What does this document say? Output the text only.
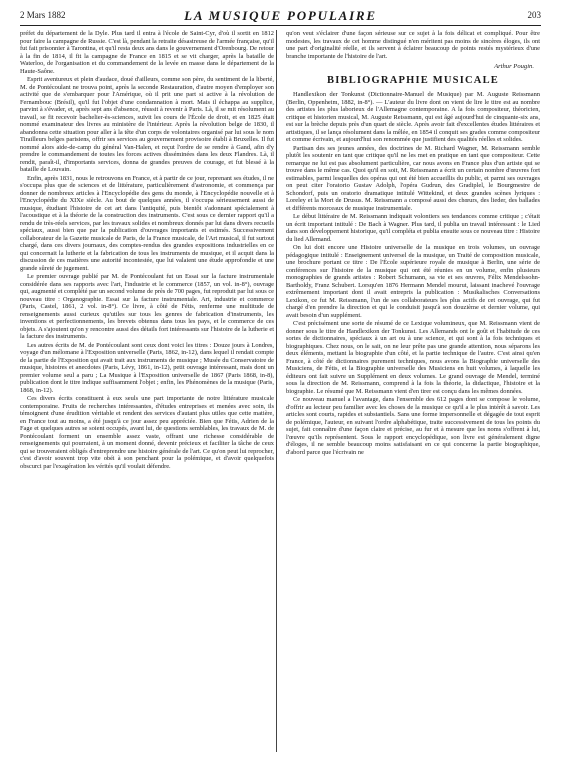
2 Mars 1882	LA MUSIQUE POPULAIRE	203

préfet du département de la Dyle. Plus tard il entra à l'école de Saint-Cyr, d'où il sortit en 1812 pour faire la campagne de Russie. C'est là, pendant la retraite désastreuse de l'armée française, qu'il fut fait prisonnier à Tarontina, et qu'il resta deux ans dans le gouvernement d'Orenbourg. De retour à la fin de 1814, il fit la campagne de France en 1815 et se vit charger, après la bataille de Waterloo, de l'organisation et du commandement de la levée en masse dans le département de la Haute-Saône.

Esprit aventureux et plein d'audace, doué d'ailleurs, comme son père, du sentiment de la liberté, M. de Pontécoulant ne trouva point, après la seconde Restauration, d'autre moyen d'employer son activité que de s'embarquer pour l'Amérique, où il prit une part si active à la révolution de Fernambouc (Brésil), qu'il fut l'objet d'une condamnation à mort. Mais il échappa au supplice, parvint à s'évader, et, après sept ans d'absence, réussit à revenir à Paris. Là, il se mit résolument au travail, se fit recevoir bachelier-ès-sciences, suivit les cours de l'École de droit, et en 1825 était nommé examinateur des livres au ministère de l'intérieur. Après la révolution belge de 1830, il abandonna cette situation pour aller à la tête d'un corps de volontaires organisé par lui sous le nom Tirailleurs belges parisiens, offrir ses services au gouvernement provisoire établi à Bruxelles. Il fut nommé alors aide-de-camp du général Van-Halen, et reçut l'ordre de se rendre à Gand, afin d'y prendre le commandement de toutes les forces actives disséminées dans les deux Flandres. Là, il rendit, paraît-il, d'importants services, donna de grandes preuves de courage, et fut blessé à la bataille de Louvain.

Enfin, après 1831, nous le retrouvons en France, et à partir de ce jour, reprenant ses études, il ne s'occupa plus que de sciences et de littérature, particulièrement d'astronomie, et commença par donner de nombreux articles à l'Encyclopédie des gens du monde, à l'Encyclopédie nouvelle et à l'Encyclopédie du XIXe siècle. Au bout de quelques années, il s'occupa sérieusement aussi de musique, étudiant l'histoire de cet art dans l'antiquité, puis bientôt s'adonnant spécialement à l'acoustique et à la théorie de la construction des instruments. C'est sous ce dernier rapport qu'il a rendu de très-réels services, par les travaux solides et nombreux donnés par lui dans divers recueils spéciaux, aussi bien que par la publication d'ouvrages importants et estimés. Successivement collaborateur de la Gazette musicale de Paris, de la France musicale, de l'Art musical, il fut surtout chargé, dans ces divers journaux, des comptes-rendus des grandes expositions industrielles en ce qui concernait la lutherie et la fabrication de tous les instruments de musique, et il acquit dans la discussion de ces matières une autorité incontestée, que lui valaient une étude approfondie et une grande sûreté de jugement.

Le premier ouvrage publié par M. de Pontécoulant fut un Essai sur la facture instrumentale considérée dans ses rapports avec l'art, l'industrie et le commerce (1857, un vol. in-8°), ouvrage qui, augmenté et complété par un second volume de près de 700 pages, fut reproduit par lui sous ce nouveau titre : Organographie. Essai sur la facture instrumentale. Art, industrie et commerce (Paris, Castel, 1861, 2 vol. in-8°). Ce livre, à côté de Fétis, renferme une multitude de renseignements aussi curieux qu'utiles sur tous les genres de fabrication d'instruments, les inventions et perfectionnements, les brevets obtenus dans tous les pays, et le commerce de ces objets. A s'ajoutent qu'on y rencontre aussi des détails fort intéressants sur l'histoire de la lutherie et la facture des instruments.

Les autres écrits de M. de Pontécoulant sont ceux dont voici les titres : Douze jours à Londres, voyage d'un mélomane à l'Exposition universelle (Paris, 1862, in-12), dans lequel il rendait compte de la partie de l'Exposition qui avait trait aux instruments de musique ; Musée du Conservatoire de musique, histoires et anecdotes (Paris, Lévy, 1861, in-12), petit ouvrage intéressant, mais dont un premier volume seul a paru ; La Musique à l'Exposition universelle de 1867 (Paris 1868, in-8), publication dont le titre indique suffisamment l'objet ; enfin, les Phénomènes de la musique (Paris, 1868, in-12).

Ces divers écrits constituent à eux seuls une part importante de notre littérature musicale contemporaine. Fruits de recherches intéressantes, d'études entreprises et menées avec soin, ils témoignent d'une érudition véritable et rendent des services d'autant plus utiles que cette matière, en France tout au moins, a été jusqu'à ce jour assez peu appréciée. Bien que Fétis, Adrien de la Fage et quelques autres se soient occupés, avant lui, de questions semblables, les travaux de M. de Pontécoulant forment un ensemble assez vaste, offrant une richesse considérable de renseignements qui pourraient, à un moment donné, devenir précieux et faciliter la tâche de ceux qui se trouveraient obligés d'entreprendre une histoire générale de l'art. Ce qu'on peut lui reprocher, c'est d'avoir souvent trop vite obéi à son penchant pour la polémique, et d'avoir quelquefois obscurci par l'exagération les vérités qu'il voulait défendre.

qu'on veut s'éclairer d'une façon sérieuse sur ce sujet à la fois délicat et compliqué. Pour être modestes, les travaux de cet homme distingué n'en méritent pas moins de sincères éloges, ils ont une part d'originalité réelle, et ils servent à éclairer beaucoup de points restés mystérieux d'une branche importante de l'histoire de l'art.

Arthur Pougin.
BIBLIOGRAPHIE MUSICALE

Handlexikon der Tonkunst (Dictionnaire-Manuel de Musique) par M. Auguste Reissmann (Berlin, Oppenheim, 1882, in-8°). — L'auteur du livre dont on vient de lire le titre est au nombre des artistes les plus laborieux de l'Allemagne contemporaine. A la fois compositeur, théoricien, critique et historien musical, M. Auguste Reissmann, qui est âgé aujourd'hui de cinquante-six ans, est sur la brèche depuis près d'un quart de siècle. Après avoir fait d'excellentes études littéraires et artistiques, il se lança résolument dans la mêlée, en 1854 il conquit ses grades comme compositeur et comme écrivain, et aujourd'hui son renommée que justifient des qualités réelles et solides.

Partisan des ses jeunes années, des doctrines de M. Richard Wagner, M. Reissmann semble plutôt les soutenir en tant que critique qu'il ne les met en pratique en tant que compositeur. Cette remarque ne lui est pas absolument particulière, car nous avons en France plus d'un artiste qui se trouve dans le même cas. Quoi qu'il en soit, M. Reissmann a écrit un certain nombre d'œuvres fort estimables, parmi lesquelles des opéras qui ont été bien accueillis du public, et parmi ses ouvrages on peut citer l'oratorio Gustav Adolph, l'opéra Gudrun, des Gradiplel, le Bourgmestre de Schondorf, puis un oratorio dramatique intitulé Wittekind, et deux grandes scènes lyriques : Loreley et la Mort de Drusus. M. Reissmann a composé aussi des chœurs, des lieder, des ballades et différents morceaux de musique instrumentale.

Le début littéraire de M. Reissmann indiquait volontiers ses tendances comme critique ; c'était un écrit important intitulé : De Bach à Wagner. Plus tard, il publia un travail intéressant : le Lied dans son développement historique, qu'il compléta et publia ensuite sous ce nouveau titre : Histoire du lied Allemand.

On lui doit encore une Histoire universelle de la musique en trois volumes, un ouvrage pédagogique intitulé : Enseignement universel de la musique, un Traité de composition musicale, une brochure portant ce titre : De l'École supérieure royale de musique à Berlin, une série de conférences sur l'histoire de la musique qui ont été réunies en un volume, enfin plusieurs monographies de grands artistes : Robert Schumann, sa vie et ses œuvres, Félix Mendelssohn-Bartholdy, Franz Schubert. Lorsqu'en 1876 Hermann Mendel mourut, laissant inachevé l'ouvrage extrêmement important dont il avait entrepris la publication : Musikalisches Conversations Lexikon, ce fut M. Reissmann, l'un de ses collaborateurs les plus actifs de cet ouvrage, qui fut chargé d'en prendre la direction et qui le conduisit jusqu'à son douzième et dernier volume, qui avait besoin d'un supplément.

C'est précisément une sorte de résumé de ce Lexique volumineux, que M. Reissmann vient de donner sous le titre de Handlexikon der Tonkunst. Les Allemands ont le goût et l'habitude de ces sortes de dictionnaires, spéciaux à un art ou à une science, et qui sont à la fois techniques et biographiques. Chez nous, on le sait, on ne leur prête pas une grande attention, nous séparons les deux éléments, mettant la biographie d'un côté, et la partie technique de l'autre. C'est ainsi qu'en France, à côté de dictionnaires purement techniques, nous avons la Biographie universelle des Musiciens, de Fétis, et la Biographie universelle des Musiciens en huit volumes, à laquelle les éditeurs ont fait suivre un Supplément en deux volumes. Le grand ouvrage de Mendel, terminé sous la direction de M. Reissmann, comprend à la fois la théorie, la didactique, l'histoire et la biographie. Le résumé que M. Reissmann vient d'en tirer est conçu dans les mêmes données.

Ce nouveau manuel a l'avantage, dans l'ensemble des 612 pages dont se compose le volume, d'offrir au lecteur peu familier avec les choses de la musique ce qu'il a le plus intérêt à savoir. Les articles sont courts, rapides et substantiels. Sans une forme impersonnelle et dégagée de tout esprit de polémique, l'auteur, en suivant l'ordre alphabétique, traite successivement de tous les points du sujet, fait connaître d'une façon claire et précise, au fur et à mesure que les noms s'offrent à lui, l'œuvre qu'ils représentent. Sous le rapport encyclopédique, son livre est généralement digne d'éloges, il ne semble beaucoup moins satisfaisant en ce qui concerne la partie biographique, d'abord parce que l'écrivain ne
